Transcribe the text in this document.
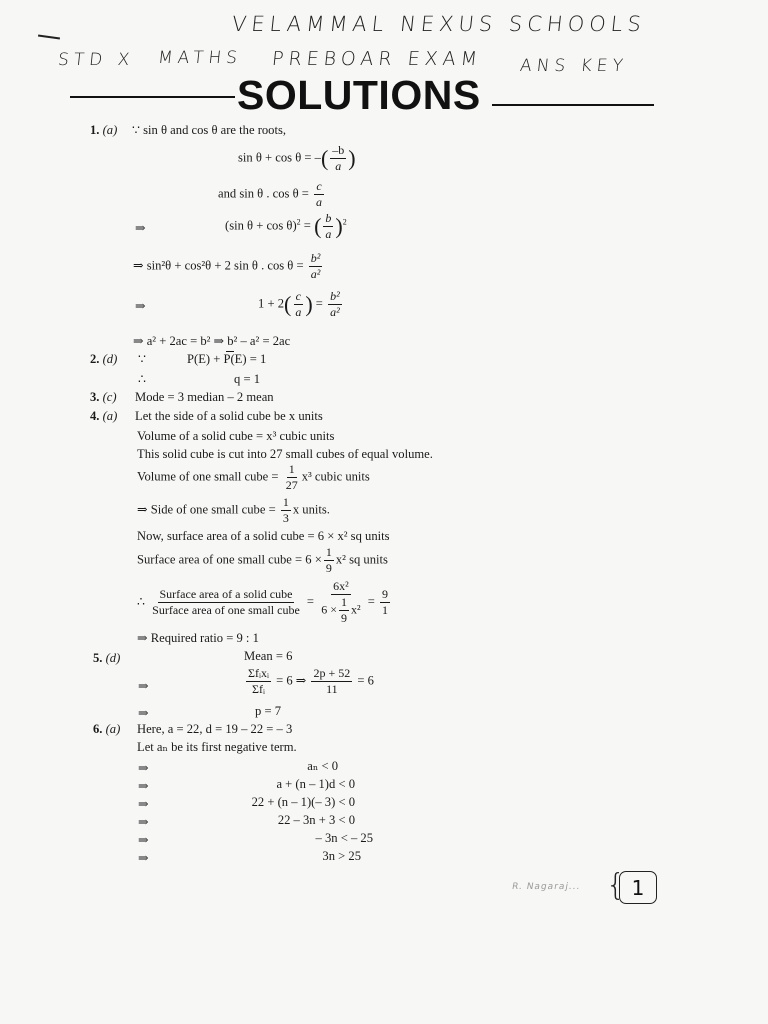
VELAMMAL NEXUS SCHOOLS
STD X MATHS PREBOAR EXAM ANS KEY
SOLUTIONS
1. (a) ∵ sin θ and cos θ are the roots,
sin θ + cos θ = –( $\frac{-b}{a}$ )
and sin θ . $\cos \theta = \frac{c}{a}$
⇒	(sin θ + cos θ)$^2$ = ( $\frac{b}{a} )^2$
⇒ sin²θ + cos²θ + 2 sin θ . $\cos \theta = \frac{\text{b²}}{\text{a²}}$
⇒	$1 + 2( \frac{c}{a}$ ) = $\frac{\text{b²}}{\text{a²}}$
⇒ a² + 2ac = b² ⇒ b² – a² = 2ac
2. (d) ∵	P(E) + P(E) = 1
∴	q = 1
3. (c) Mode = 3 median – 2 mean
4. (a) Let the side of a solid cube be x units
Volume of a solid cube = x³ cubic units
This solid cube is cut into 27 small cubes of equal volume.
Volume of one small cube = $\frac{1}{27} x^3$ cubic units
⇒ Side of one small cube = $\frac{1}{3}$ x units.
Now, surface area of a solid cube = 6 × x² sq units
Surface area of one small cube = $6 \times \frac{1}{9} x^2$ sq units
∴ $\frac{\text{Surface area of a solid cube}}{\text{Surface area of one small cube}} = \frac{\text{6x²}}{6 \times \frac{1}{9} x^2} = \frac{9}{1}$
⇒ Required ratio = 9 : 1
5. (d)	Mean = 6
⇒	$\frac{\text{Σfᵢxᵢ}}{\text{Σfᵢ}} = 6$ ⇒ $\frac{2p + 52}{11} = 6$
⇒	p = 7
6. (a) Here, a = 22, d = 19 – 22 = – 3
Let aₙ be its first negative term.
⇒	aₙ < 0
⇒	a + (n – 1)d < 0
⇒	22 + (n – 1)(– 3) < 0
⇒	22 – 3n + 3 < 0
⇒	– 3n < – 25
⇒	3n > 25
R. Nagaraj... { 1
